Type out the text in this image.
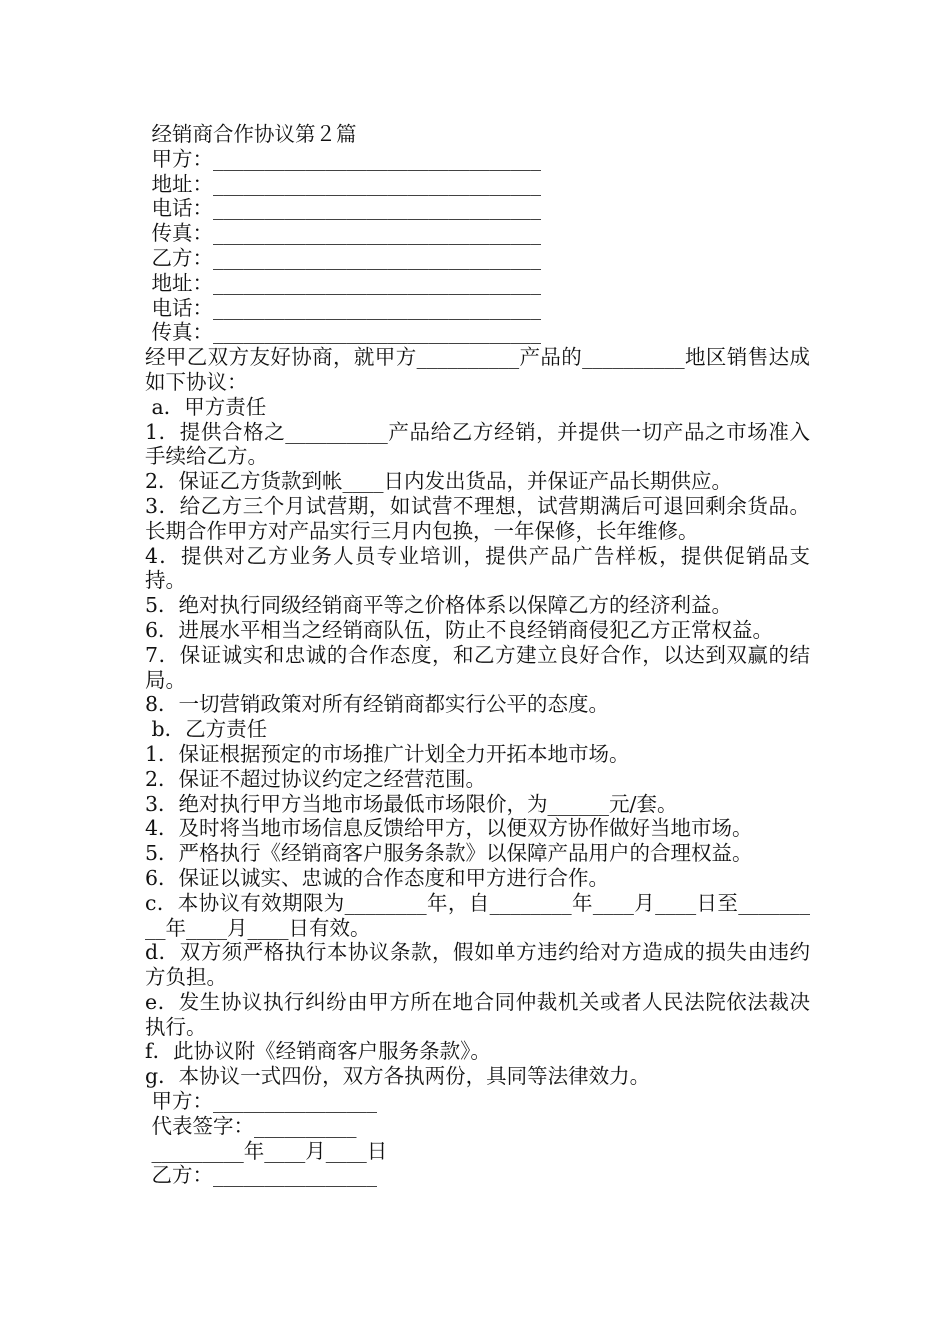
经销商合作协议第２篇

甲方：________________________________

地址：________________________________

电话：________________________________

传真：________________________________

乙方：________________________________

地址：________________________________

电话：________________________________

传真：________________________________

经甲乙双方友好协商，就甲方__________产品的__________地区销售达成如下协议：

a．甲方责任

1．提供合格之__________产品给乙方经销，并提供一切产品之市场准入手续给乙方。

2．保证乙方货款到帐____日内发出货品，并保证产品长期供应。

3．给乙方三个月试营期，如试营不理想，试营期满后可退回剩余货品。长期合作甲方对产品实行三月内包换，一年保修，长年维修。

4．提供对乙方业务人员专业培训，提供产品广告样板，提供促销品支持。

5．绝对执行同级经销商平等之价格体系以保障乙方的经济利益。

6．进展水平相当之经销商队伍，防止不良经销商侵犯乙方正常权益。

7．保证诚实和忠诚的合作态度，和乙方建立良好合作，以达到双赢的结局。

8．一切营销政策对所有经销商都实行公平的态度。

b．乙方责任

1．保证根据预定的市场推广计划全力开拓本地市场。

2．保证不超过协议约定之经营范围。

3．绝对执行甲方当地市场最低市场限价，为______元/套。

4．及时将当地市场信息反馈给甲方，以便双方协作做好当地市场。

5．严格执行《经销商客户服务条款》以保障产品用户的合理权益。

6．保证以诚实、忠诚的合作态度和甲方进行合作。

c．本协议有效期限为________年，自________年____月____日至_________年____月____日有效。

d．双方须严格执行本协议条款，假如单方违约给对方造成的损失由违约方负担。

e．发生协议执行纠纷由甲方所在地合同仲裁机关或者人民法院依法裁决执行。

f．此协议附《经销商客户服务条款》。

g．本协议一式四份，双方各执两份，具同等法律效力。

甲方：________________

代表签字：__________

_________年____月____日

乙方：________________
